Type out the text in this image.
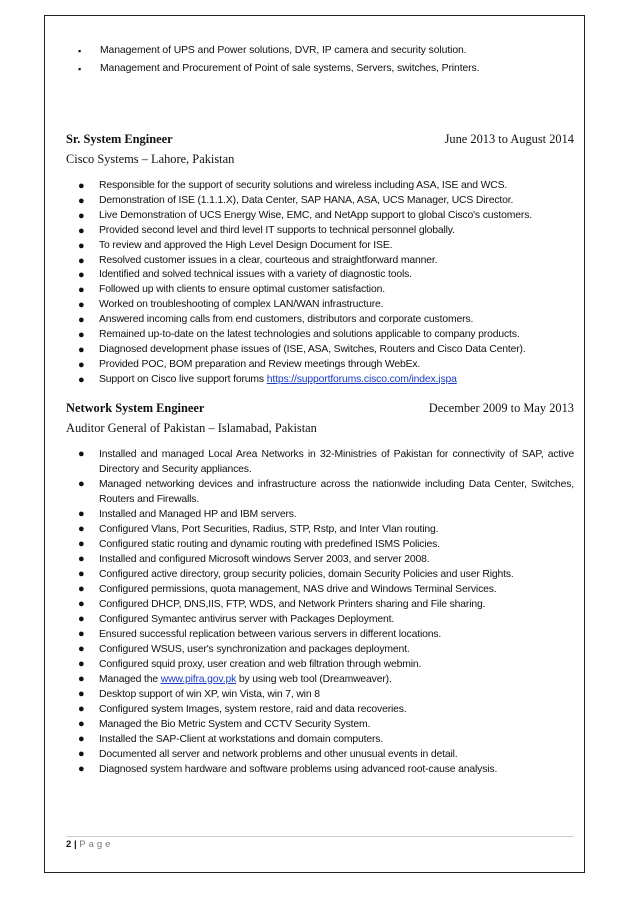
▪ Management of UPS and Power solutions, DVR, IP camera and security solution.
▪ Management and Procurement of Point of sale systems, Servers, switches, Printers.
Sr. System Engineer	June 2013 to August 2014
Cisco Systems – Lahore, Pakistan
● Responsible for the support of security solutions and wireless including ASA, ISE and WCS.
● Demonstration of ISE (1.1.1.X), Data Center, SAP HANA, ASA, UCS Manager, UCS Director.
● Live Demonstration of UCS Energy Wise, EMC, and NetApp support to global Cisco's customers.
● Provided second level and third level IT supports to technical personnel globally.
● To review and approved the High Level Design Document for ISE.
● Resolved customer issues in a clear, courteous and straightforward manner.
● Identified and solved technical issues with a variety of diagnostic tools.
● Followed up with clients to ensure optimal customer satisfaction.
● Worked on troubleshooting of complex LAN/WAN infrastructure.
● Answered incoming calls from end customers, distributors and corporate customers.
● Remained up-to-date on the latest technologies and solutions applicable to company products.
● Diagnosed development phase issues of (ISE, ASA, Switches, Routers and Cisco Data Center).
● Provided POC, BOM preparation and Review meetings through WebEx.
● Support on Cisco live support forums https://supportforums.cisco.com/index.jspa
Network System Engineer	December 2009 to May 2013
Auditor General of Pakistan – Islamabad, Pakistan
● Installed and managed Local Area Networks in 32-Ministries of Pakistan for connectivity of SAP, active Directory and Security appliances.
● Managed networking devices and infrastructure across the nationwide including Data Center, Switches, Routers and Firewalls.
● Installed and Managed HP and IBM servers.
● Configured Vlans, Port Securities, Radius, STP, Rstp, and Inter Vlan routing.
● Configured static routing and dynamic routing with predefined ISMS Policies.
● Installed and configured Microsoft windows Server 2003, and server 2008.
● Configured active directory, group security policies, domain Security Policies and user Rights.
● Configured permissions, quota management, NAS drive and Windows Terminal Services.
● Configured DHCP, DNS,IIS, FTP, WDS, and Network Printers sharing and File sharing.
● Configured Symantec antivirus server with Packages Deployment.
● Ensured successful replication between various servers in different locations.
● Configured WSUS, user's synchronization and packages deployment.
● Configured squid proxy, user creation and web filtration through webmin.
● Managed the www.pifra.gov.pk by using web tool (Dreamweaver).
● Desktop support of win XP, win Vista, win 7, win 8
● Configured system Images, system restore, raid and data recoveries.
● Managed the Bio Metric System and CCTV Security System.
● Installed the SAP-Client at workstations and domain computers.
● Documented all server and network problems and other unusual events in detail.
● Diagnosed system hardware and software problems using advanced root-cause analysis.
2 | Page
